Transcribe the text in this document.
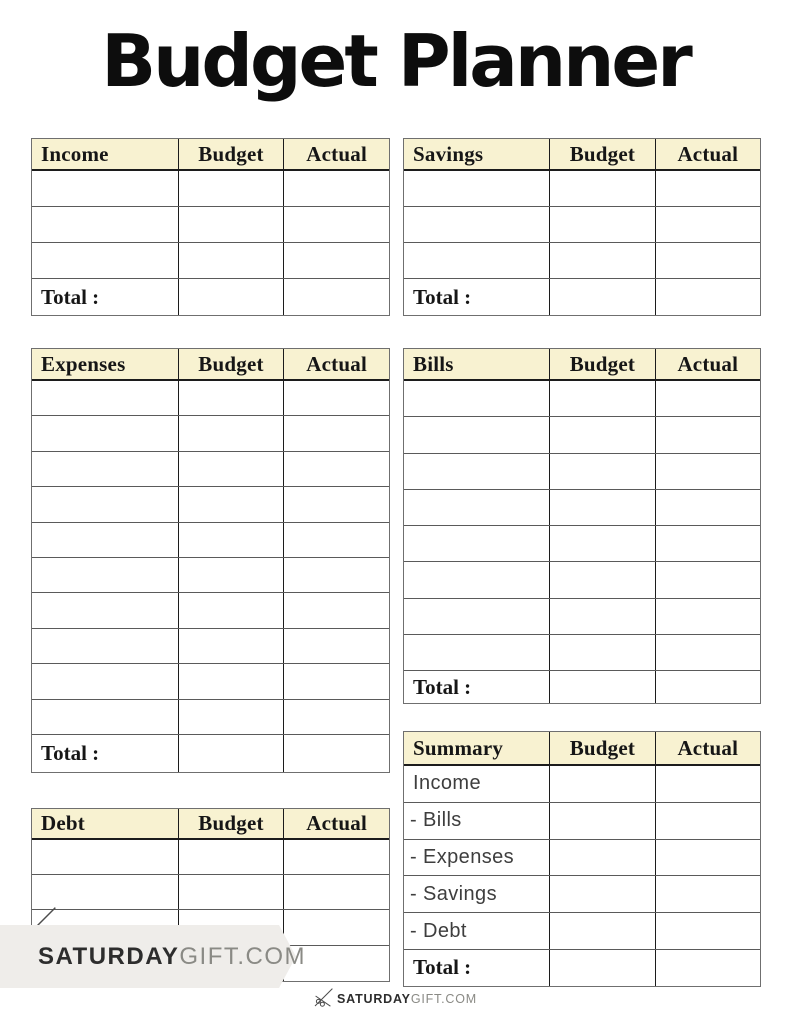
Budget Planner
Income	Budget	Actual
Total :
Savings	Budget	Actual
Total :
Expenses	Budget	Actual
Total :
Bills	Budget	Actual
Total :
Summary	Budget	Actual
Income
- Bills
- Expenses
- Savings
- Debt
Total :
Debt	Budget	Actual
SATURDAY GIFT.COM
SATURDAYGIFT.COM
